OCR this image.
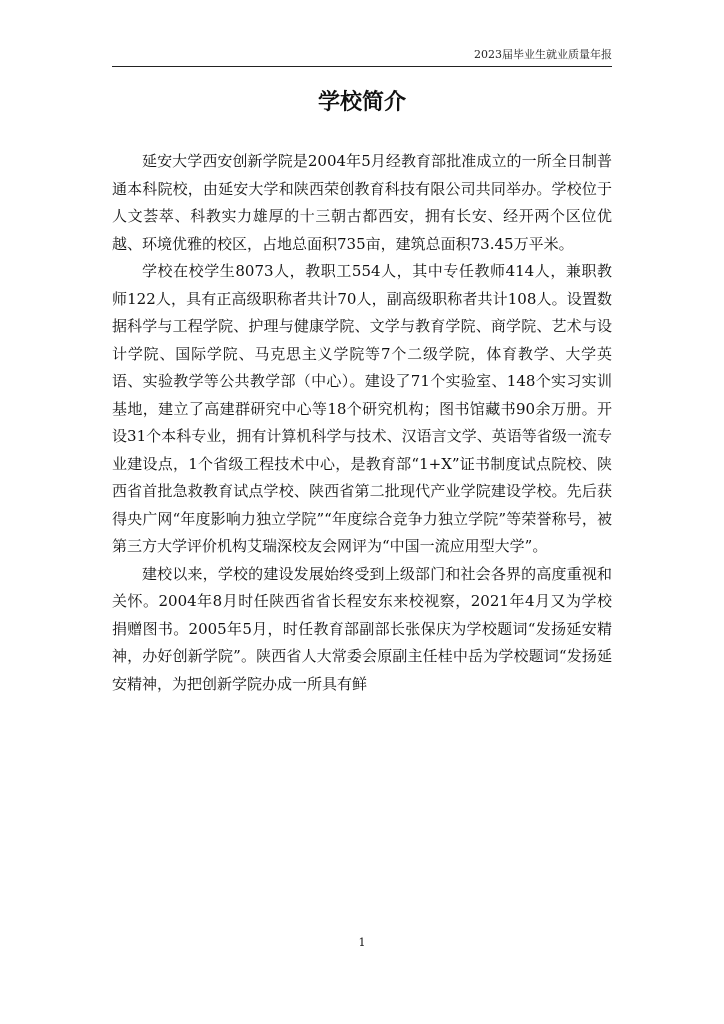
2023届毕业生就业质量年报
学校简介

延安大学西安创新学院是2004年5月经教育部批准成立的一所全日制普通本科院校，由延安大学和陕西荣创教育科技有限公司共同举办。学校位于人文荟萃、科教实力雄厚的十三朝古都西安，拥有长安、经开两个区位优越、环境优雅的校区，占地总面积735亩，建筑总面积73.45万平米。

学校在校学生8073人，教职工554人，其中专任教师414人，兼职教师122人，具有正高级职称者共计70人，副高级职称者共计108人。设置数据科学与工程学院、护理与健康学院、文学与教育学院、商学院、艺术与设计学院、国际学院、马克思主义学院等7个二级学院，体育教学、大学英语、实验教学等公共教学部（中心）。建设了71个实验室、148个实习实训基地，建立了高建群研究中心等18个研究机构；图书馆藏书90余万册。开设31个本科专业，拥有计算机科学与技术、汉语言文学、英语等省级一流专业建设点，1个省级工程技术中心，是教育部“1+X”证书制度试点院校、陕西省首批急救教育试点学校、陕西省第二批现代产业学院建设学校。先后获得央广网“年度影响力独立学院”“年度综合竞争力独立学院”等荣誉称号，被第三方大学评价机构艾瑞深校友会网评为“中国一流应用型大学”。

建校以来，学校的建设发展始终受到上级部门和社会各界的高度重视和关怀。2004年8月时任陕西省省长程安东来校视察，2021年4月又为学校捐赠图书。2005年5月，时任教育部副部长张保庆为学校题词“发扬延安精神，办好创新学院”。陕西省人大常委会原副主任桂中岳为学校题词“发扬延安精神，为把创新学院办成一所具有鲜

1
